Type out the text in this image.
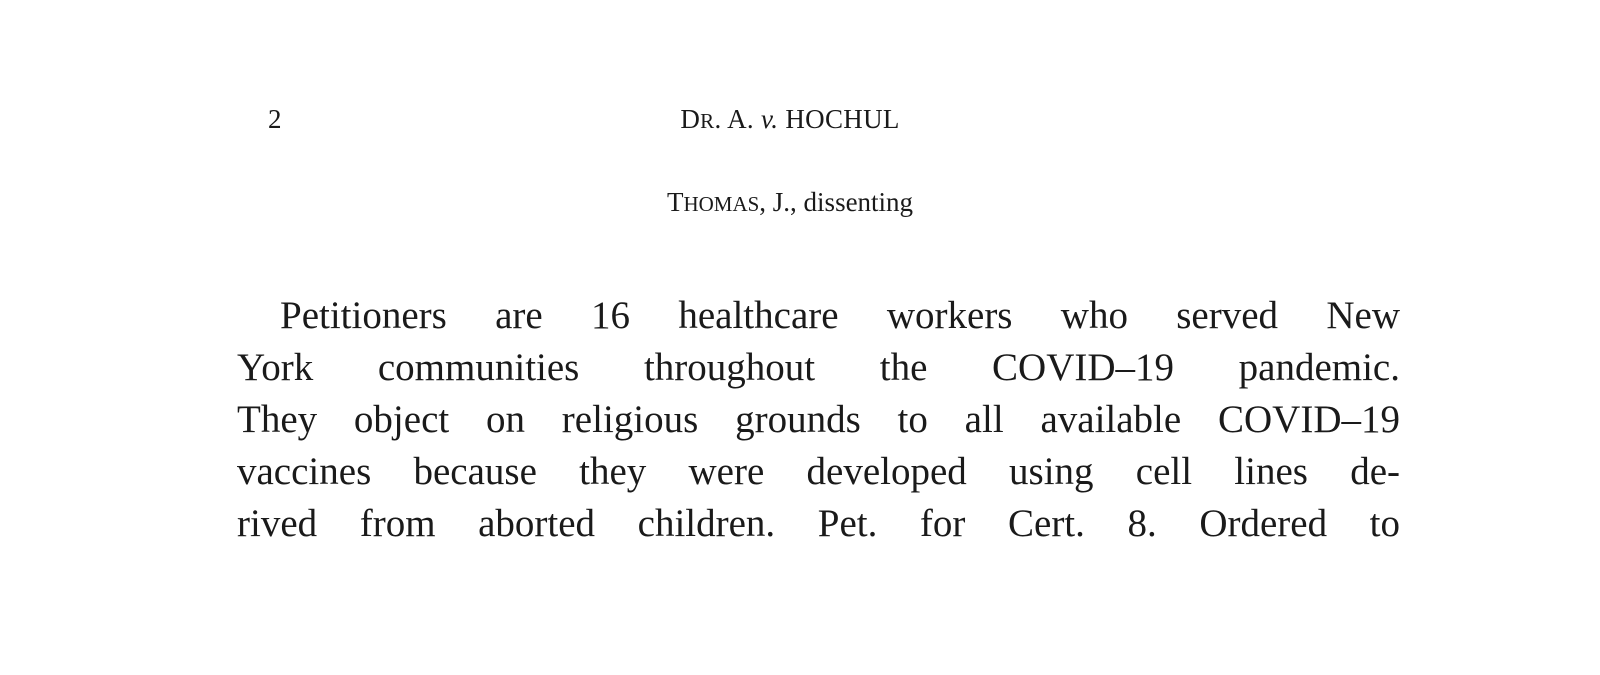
2	DR. A. v. HOCHUL
THOMAS, J., dissenting
Petitioners are 16 healthcare workers who served New
York communities throughout the COVID–19 pandemic.
They object on religious grounds to all available COVID–19
vaccines because they were developed using cell lines de-
rived from aborted children. Pet. for Cert. 8. Ordered to
